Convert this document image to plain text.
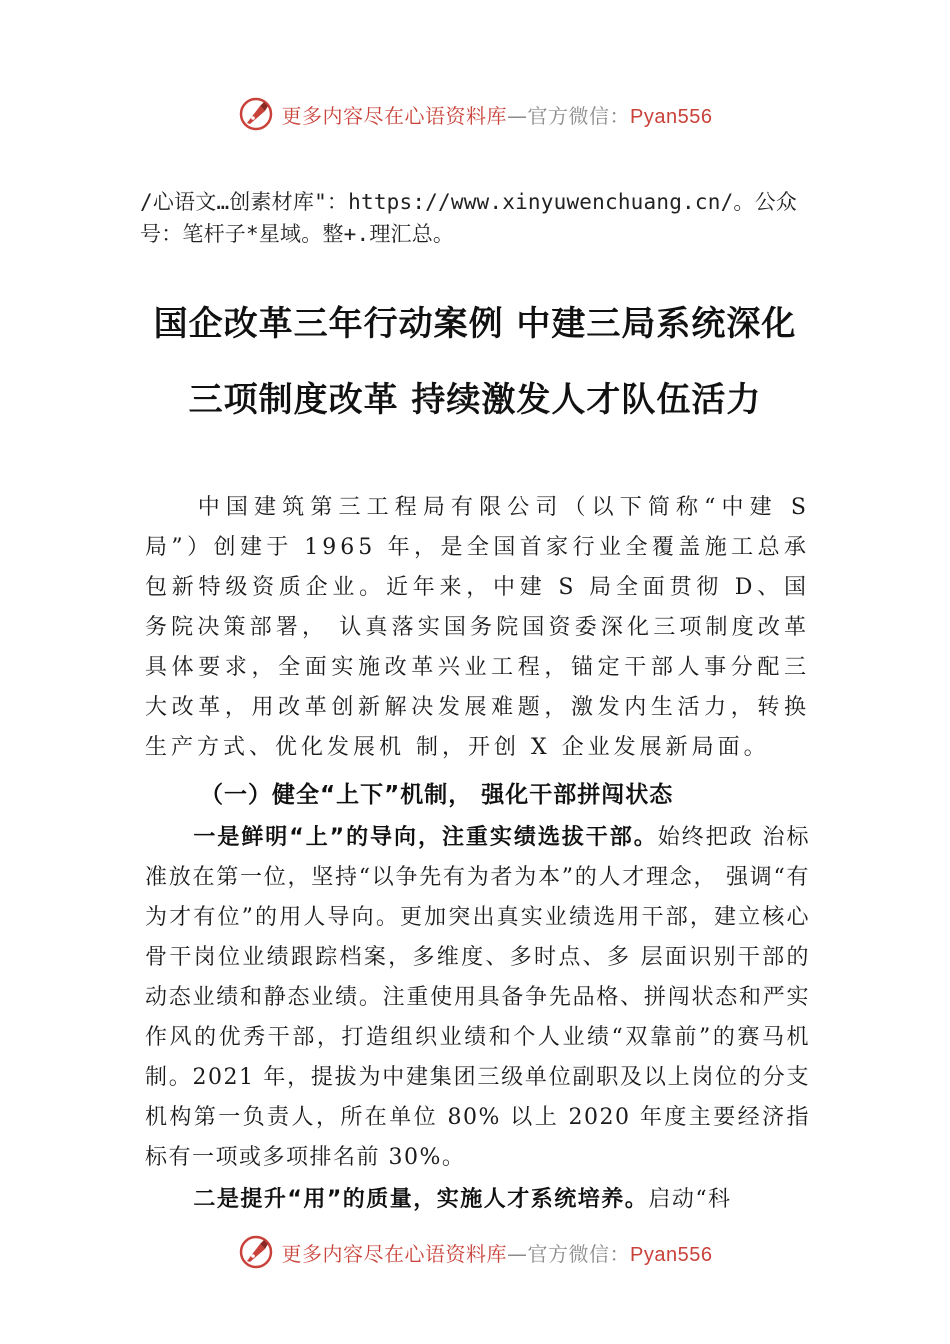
更多内容尽在心语资料库—官方微信：Pyan556
/心语文…创素材库"：https://www.xinyuwenchuang.cn/。公众号：笔杆子*星域。整+.理汇总。
国企改革三年行动案例 中建三局系统深化
三项制度改革 持续激发人才队伍活力

中国建筑第三工程局有限公司（以下简称“中建 S局”）创建于 1965 年，是全国首家行业全覆盖施工总承包新特级资质企业。近年来，中建 S 局全面贯彻 D、国务院决策部署， 认真落实国务院国资委深化三项制度改革具体要求，全面实施改革兴业工程，锚定干部人事分配三大改革，用改革创新解决发展难题，激发内生活力，转换生产方式、优化发展机 制，开创 X 企业发展新局面。

（一）健全“上下”机制， 强化干部拼闯状态

一是鲜明“上”的导向，注重实绩选拔干部。始终把政 治标准放在第一位，坚持“以争先有为者为本”的人才理念， 强调“有为才有位”的用人导向。更加突出真实业绩选用干部，建立核心骨干岗位业绩跟踪档案，多维度、多时点、多 层面识别干部的动态业绩和静态业绩。注重使用具备争先品格、拼闯状态和严实作风的优秀干部，打造组织业绩和个人业绩“双靠前”的赛马机制。2021 年，提拔为中建集团三级单位副职及以上岗位的分支机构第一负责人，所在单位 80% 以上 2020 年度主要经济指标有一项或多项排名前 30%。

二是提升“用”的质量，实施人才系统培养。启动“科

更多内容尽在心语资料库—官方微信：Pyan556
